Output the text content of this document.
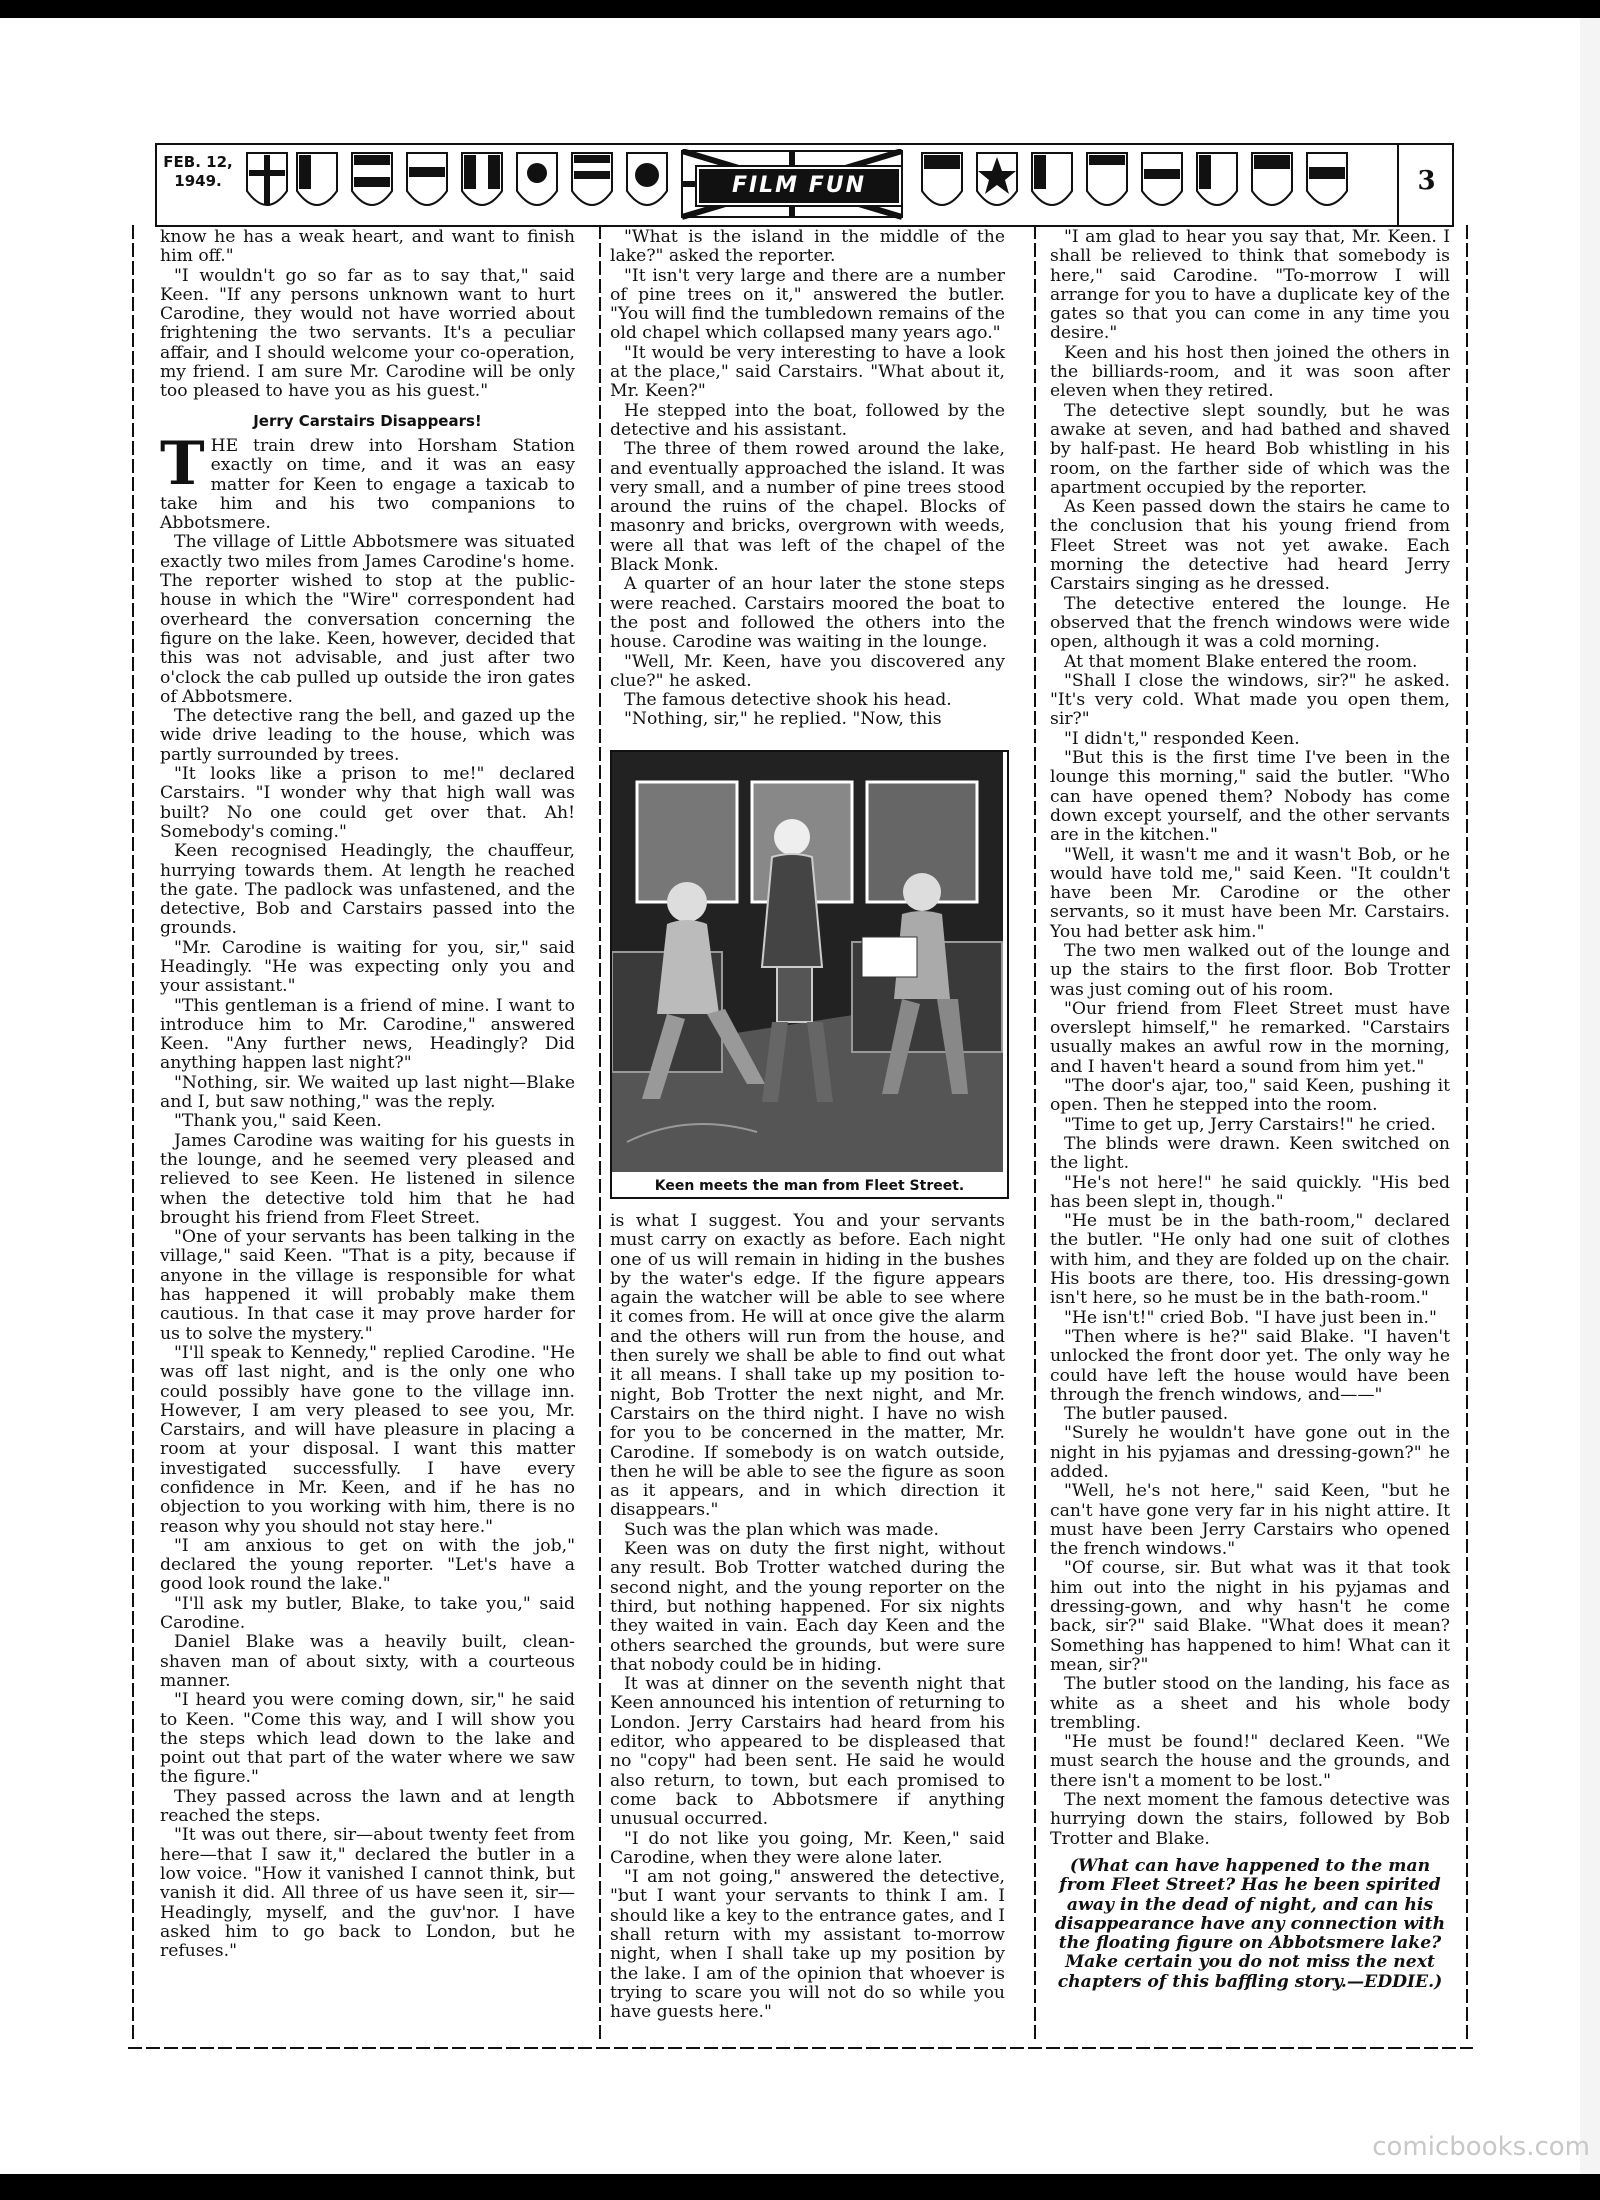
FEB. 12,
1949.	FILM FUN	3

know he has a weak heart, and want to finish him off."

"I wouldn't go so far as to say that," said Keen. "If any persons unknown want to hurt Carodine, they would not have worried about frightening the two servants. It's a peculiar affair, and I should welcome your co-operation, my friend. I am sure Mr. Carodine will be only too pleased to have you as his guest."

Jerry Carstairs Disappears!

THE train drew into Horsham Station exactly on time, and it was an easy matter for Keen to engage a taxicab to take him and his two companions to Abbotsmere.

The village of Little Abbotsmere was situated exactly two miles from James Carodine's home. The reporter wished to stop at the public-house in which the "Wire" correspondent had overheard the conversation concerning the figure on the lake. Keen, however, decided that this was not advisable, and just after two o'clock the cab pulled up outside the iron gates of Abbotsmere.

The detective rang the bell, and gazed up the wide drive leading to the house, which was partly surrounded by trees.

"It looks like a prison to me!" declared Carstairs. "I wonder why that high wall was built? No one could get over that. Ah! Somebody's coming."

Keen recognised Headingly, the chauffeur, hurrying towards them. At length he reached the gate. The padlock was unfastened, and the detective, Bob and Carstairs passed into the grounds.

"Mr. Carodine is waiting for you, sir," said Headingly. "He was expecting only you and your assistant."

"This gentleman is a friend of mine. I want to introduce him to Mr. Carodine," answered Keen. "Any further news, Headingly? Did anything happen last night?"

"Nothing, sir. We waited up last night—Blake and I, but saw nothing," was the reply.

"Thank you," said Keen.

James Carodine was waiting for his guests in the lounge, and he seemed very pleased and relieved to see Keen. He listened in silence when the detective told him that he had brought his friend from Fleet Street.

"One of your servants has been talking in the village," said Keen. "That is a pity, because if anyone in the village is responsible for what has happened it will probably make them cautious. In that case it may prove harder for us to solve the mystery."

"I'll speak to Kennedy," replied Carodine. "He was off last night, and is the only one who could possibly have gone to the village inn. However, I am very pleased to see you, Mr. Carstairs, and will have pleasure in placing a room at your disposal. I want this matter investigated successfully. I have every confidence in Mr. Keen, and if he has no objection to you working with him, there is no reason why you should not stay here."

"I am anxious to get on with the job," declared the young reporter. "Let's have a good look round the lake."

"I'll ask my butler, Blake, to take you," said Carodine.

Daniel Blake was a heavily built, clean-shaven man of about sixty, with a courteous manner.

"I heard you were coming down, sir," he said to Keen. "Come this way, and I will show you the steps which lead down to the lake and point out that part of the water where we saw the figure."

They passed across the lawn and at length reached the steps.

"It was out there, sir—about twenty feet from here—that I saw it," declared the butler in a low voice. "How it vanished I cannot think, but vanish it did. All three of us have seen it, sir—Headingly, myself, and the guv'nor. I have asked him to go back to London, but he refuses."

"What is the island in the middle of the lake?" asked the reporter.

"It isn't very large and there are a number of pine trees on it," answered the butler. "You will find the tumbledown remains of the old chapel which collapsed many years ago."

"It would be very interesting to have a look at the place," said Carstairs. "What about it, Mr. Keen?"

He stepped into the boat, followed by the detective and his assistant.

The three of them rowed around the lake, and eventually approached the island. It was very small, and a number of pine trees stood around the ruins of the chapel. Blocks of masonry and bricks, overgrown with weeds, were all that was left of the chapel of the Black Monk.

A quarter of an hour later the stone steps were reached. Carstairs moored the boat to the post and followed the others into the house. Carodine was waiting in the lounge.

"Well, Mr. Keen, have you discovered any clue?" he asked.

The famous detective shook his head.

"Nothing, sir," he replied. "Now, this

Keen meets the man from Fleet Street.

is what I suggest. You and your servants must carry on exactly as before. Each night one of us will remain in hiding in the bushes by the water's edge. If the figure appears again the watcher will be able to see where it comes from. He will at once give the alarm and the others will run from the house, and then surely we shall be able to find out what it all means. I shall take up my position to-night, Bob Trotter the next night, and Mr. Carstairs on the third night. I have no wish for you to be concerned in the matter, Mr. Carodine. If somebody is on watch outside, then he will be able to see the figure as soon as it appears, and in which direction it disappears."

Such was the plan which was made.

Keen was on duty the first night, without any result. Bob Trotter watched during the second night, and the young reporter on the third, but nothing happened. For six nights they waited in vain. Each day Keen and the others searched the grounds, but were sure that nobody could be in hiding.

It was at dinner on the seventh night that Keen announced his intention of returning to London. Jerry Carstairs had heard from his editor, who appeared to be displeased that no "copy" had been sent. He said he would also return, to town, but each promised to come back to Abbotsmere if anything unusual occurred.

"I do not like you going, Mr. Keen," said Carodine, when they were alone later.

"I am not going," answered the detective, "but I want your servants to think I am. I should like a key to the entrance gates, and I shall return with my assistant to-morrow night, when I shall take up my position by the lake. I am of the opinion that whoever is trying to scare you will not do so while you have guests here."

"I am glad to hear you say that, Mr. Keen. I shall be relieved to think that somebody is here," said Carodine. "To-morrow I will arrange for you to have a duplicate key of the gates so that you can come in any time you desire."

Keen and his host then joined the others in the billiards-room, and it was soon after eleven when they retired.

The detective slept soundly, but he was awake at seven, and had bathed and shaved by half-past. He heard Bob whistling in his room, on the farther side of which was the apartment occupied by the reporter.

As Keen passed down the stairs he came to the conclusion that his young friend from Fleet Street was not yet awake. Each morning the detective had heard Jerry Carstairs singing as he dressed.

The detective entered the lounge. He observed that the french windows were wide open, although it was a cold morning.

At that moment Blake entered the room.

"Shall I close the windows, sir?" he asked. "It's very cold. What made you open them, sir?"

"I didn't," responded Keen.

"But this is the first time I've been in the lounge this morning," said the butler. "Who can have opened them? Nobody has come down except yourself, and the other servants are in the kitchen."

"Well, it wasn't me and it wasn't Bob, or he would have told me," said Keen. "It couldn't have been Mr. Carodine or the other servants, so it must have been Mr. Carstairs. You had better ask him."

The two men walked out of the lounge and up the stairs to the first floor. Bob Trotter was just coming out of his room.

"Our friend from Fleet Street must have overslept himself," he remarked. "Carstairs usually makes an awful row in the morning, and I haven't heard a sound from him yet."

"The door's ajar, too," said Keen, pushing it open. Then he stepped into the room.

"Time to get up, Jerry Carstairs!" he cried.

The blinds were drawn. Keen switched on the light.

"He's not here!" he said quickly. "His bed has been slept in, though."

"He must be in the bath-room," declared the butler. "He only had one suit of clothes with him, and they are folded up on the chair. His boots are there, too. His dressing-gown isn't here, so he must be in the bath-room."

"He isn't!" cried Bob. "I have just been in."

"Then where is he?" said Blake. "I haven't unlocked the front door yet. The only way he could have left the house would have been through the french windows, and——"

The butler paused.

"Surely he wouldn't have gone out in the night in his pyjamas and dressing-gown?" he added.

"Well, he's not here," said Keen, "but he can't have gone very far in his night attire. It must have been Jerry Carstairs who opened the french windows."

"Of course, sir. But what was it that took him out into the night in his pyjamas and dressing-gown, and why hasn't he come back, sir?" said Blake. "What does it mean? Something has happened to him! What can it mean, sir?"

The butler stood on the landing, his face as white as a sheet and his whole body trembling.

"He must be found!" declared Keen. "We must search the house and the grounds, and there isn't a moment to be lost."

The next moment the famous detective was hurrying down the stairs, followed by Bob Trotter and Blake.

(What can have happened to the man from Fleet Street? Has he been spirited away in the dead of night, and can his disappearance have any connection with the floating figure on Abbotsmere lake? Make certain you do not miss the next chapters of this baffling story.—EDDIE.)

comicbooks.com
